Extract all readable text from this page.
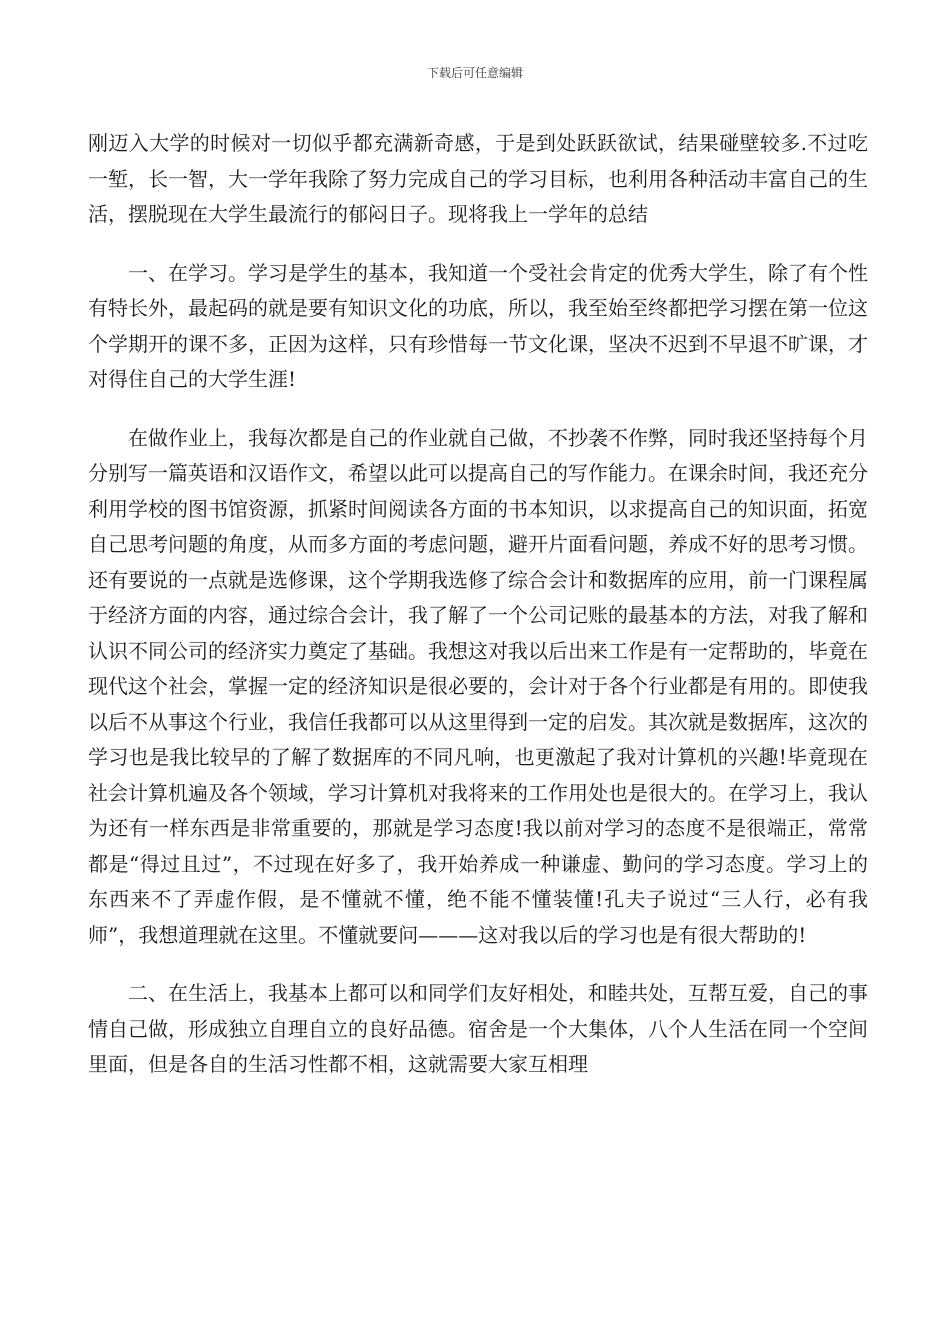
下载后可任意编辑

刚迈入大学的时候对一切似乎都充满新奇感，于是到处跃跃欲试，结果碰壁较多.不过吃一堑，长一智，大一学年我除了努力完成自己的学习目标，也利用各种活动丰富自己的生活，摆脱现在大学生最流行的郁闷日子。现将我上一学年的总结

一、在学习。学习是学生的基本，我知道一个受社会肯定的优秀大学生，除了有个性有特长外，最起码的就是要有知识文化的功底，所以，我至始至终都把学习摆在第一位这个学期开的课不多，正因为这样，只有珍惜每一节文化课，坚决不迟到不早退不旷课，才对得住自己的大学生涯!

在做作业上，我每次都是自己的作业就自己做，不抄袭不作弊，同时我还坚持每个月分别写一篇英语和汉语作文，希望以此可以提高自己的写作能力。在课余时间，我还充分利用学校的图书馆资源，抓紧时间阅读各方面的书本知识，以求提高自己的知识面，拓宽自己思考问题的角度，从而多方面的考虑问题，避开片面看问题，养成不好的思考习惯。还有要说的一点就是选修课，这个学期我选修了综合会计和数据库的应用，前一门课程属于经济方面的内容，通过综合会计，我了解了一个公司记账的最基本的方法，对我了解和认识不同公司的经济实力奠定了基础。我想这对我以后出来工作是有一定帮助的，毕竟在现代这个社会，掌握一定的经济知识是很必要的，会计对于各个行业都是有用的。即使我以后不从事这个行业，我信任我都可以从这里得到一定的启发。其次就是数据库，这次的学习也是我比较早的了解了数据库的不同凡响，也更激起了我对计算机的兴趣!毕竟现在社会计算机遍及各个领域，学习计算机对我将来的工作用处也是很大的。在学习上，我认为还有一样东西是非常重要的，那就是学习态度!我以前对学习的态度不是很端正，常常都是“得过且过”，不过现在好多了，我开始养成一种谦虚、勤问的学习态度。学习上的东西来不了弄虚作假，是不懂就不懂，绝不能不懂装懂!孔夫子说过“三人行，必有我师”，我想道理就在这里。不懂就要问———这对我以后的学习也是有很大帮助的!

二、在生活上，我基本上都可以和同学们友好相处，和睦共处，互帮互爱，自己的事情自己做，形成独立自理自立的良好品德。宿舍是一个大集体，八个人生活在同一个空间里面，但是各自的生活习性都不相，这就需要大家互相理
